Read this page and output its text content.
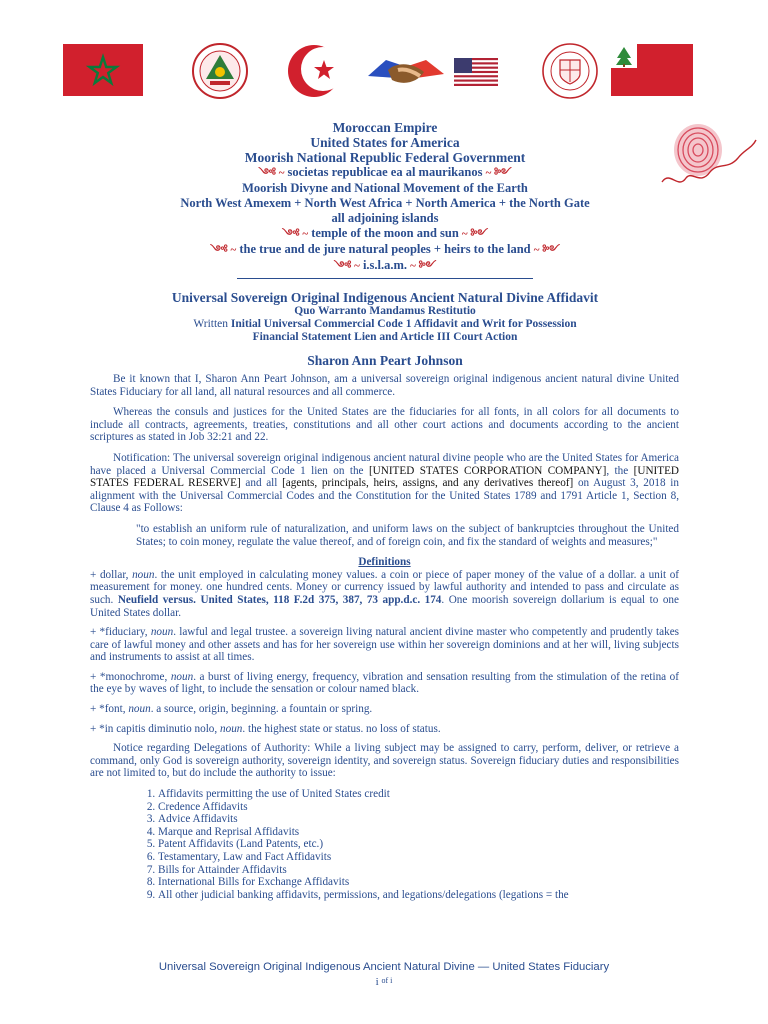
Moroccan Empire
United States for America
Moorish National Republic Federal Government
༺ ~ societas republicae ea al maurikanos ~ ༻
Moorish Divyne and National Movement of the Earth
North West Amexem + North West Africa + North America + the North Gate
all adjoining islands
༺ ~ temple of the moon and sun ~ ༻
༺ ~ the true and de jure natural peoples + heirs to the land ~ ༻
༺ ~ i.s.l.a.m. ~ ༻
Universal Sovereign Original Indigenous Ancient Natural Divine Affidavit
Quo Warranto Mandamus Restitutio
Written Initial Universal Commercial Code 1 Affidavit and Writ for Possession
Financial Statement Lien and Article III Court Action
Sharon Ann Peart Johnson

Be it known that I, Sharon Ann Peart Johnson, am a universal sovereign original indigenous ancient natural divine United States Fiduciary for all land, all natural resources and all commerce.

Whereas the consuls and justices for the United States are the fiduciaries for all fonts, in all colors for all documents to include all contracts, agreements, treaties, constitutions and all other court actions and documents according to the ancient scriptures as stated in Job 32:21 and 22.

Notification: The universal sovereign original indigenous ancient natural divine people who are the United States for America have placed a Universal Commercial Code 1 lien on the [UNITED STATES CORPORATION COMPANY], the [UNITED STATES FEDERAL RESERVE] and all [agents, principals, heirs, assigns, and any derivatives thereof] on August 3, 2018 in alignment with the Universal Commercial Codes and the Constitution for the United States 1789 and 1791 Article 1, Section 8, Clause 4 as Follows:

"to establish an uniform rule of naturalization, and uniform laws on the subject of bankruptcies throughout the United States; to coin money, regulate the value thereof, and of foreign coin, and fix the standard of weights and measures;"

Definitions

+ dollar, noun. the unit employed in calculating money values. a coin or piece of paper money of the value of a dollar. a unit of measurement for money. one hundred cents. Money or currency issued by lawful authority and intended to pass and circulate as such. Neufield versus. United States, 118 F.2d 375, 387, 73 app.d.c. 174. One moorish sovereign dollarium is equal to one United States dollar.

+ *fiduciary, noun. lawful and legal trustee. a sovereign living natural ancient divine master who competently and prudently takes care of lawful money and other assets and has for her sovereign use within her sovereign dominions and at her will, living subjects and instruments to assist at all times.

+ *monochrome, noun. a burst of living energy, frequency, vibration and sensation resulting from the stimulation of the retina of the eye by waves of light, to include the sensation or colour named black.

+ *font, noun. a source, origin, beginning. a fountain or spring.

+ *in capitis diminutio nolo, noun. the highest state or status. no loss of status.

Notice regarding Delegations of Authority: While a living subject may be assigned to carry, perform, deliver, or retrieve a command, only God is sovereign authority, sovereign identity, and sovereign status. Sovereign fiduciary duties and responsibilities are not limited to, but do include the authority to issue:

1. Affidavits permitting the use of United States credit
2. Credence Affidavits
3. Advice Affidavits
4. Marque and Reprisal Affidavits
5. Patent Affidavits (Land Patents, etc.)
6. Testamentary, Law and Fact Affidavits
7. Bills for Attainder Affidavits
8. International Bills for Exchange Affidavits
9. All other judicial banking affidavits, permissions, and legations/delegations (legations = the
Universal Sovereign Original Indigenous Ancient Natural Divine — United States Fiduciary
i $^{of i}$
